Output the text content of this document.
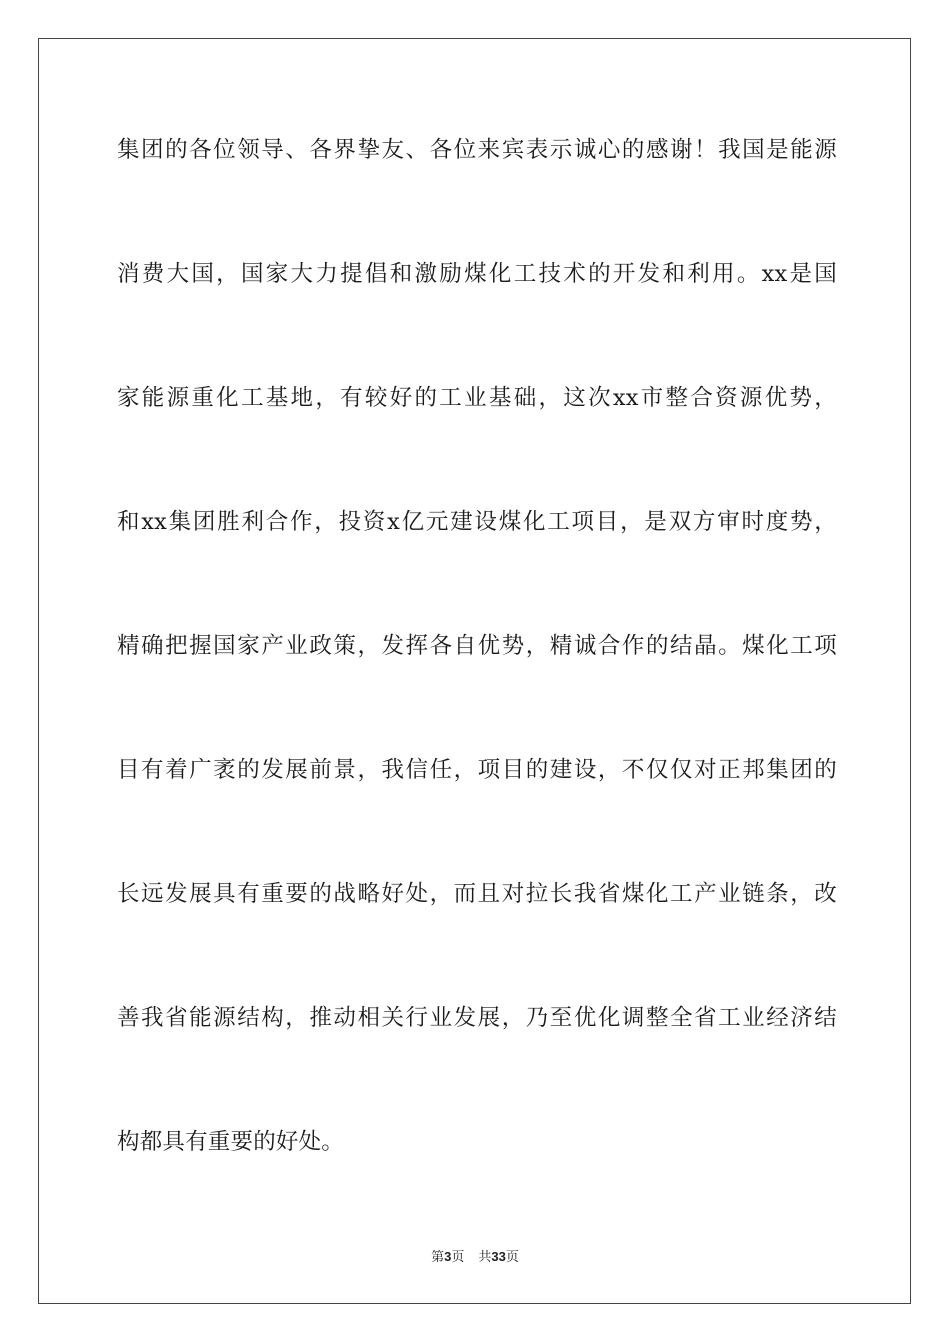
集团的各位领导、各界挚友、各位来宾表示诚心的感谢！我国是能源
消费大国，国家大力提倡和激励煤化工技术的开发和利用。xx是国
家能源重化工基地，有较好的工业基础，这次xx市整合资源优势，
和xx集团胜利合作，投资x亿元建设煤化工项目，是双方审时度势，
精确把握国家产业政策，发挥各自优势，精诚合作的结晶。煤化工项
目有着广袤的发展前景，我信任，项目的建设，不仅仅对正邦集团的
长远发展具有重要的战略好处，而且对拉长我省煤化工产业链条，改
善我省能源结构，推动相关行业发展，乃至优化调整全省工业经济结
构都具有重要的好处。
第3页 共33页
